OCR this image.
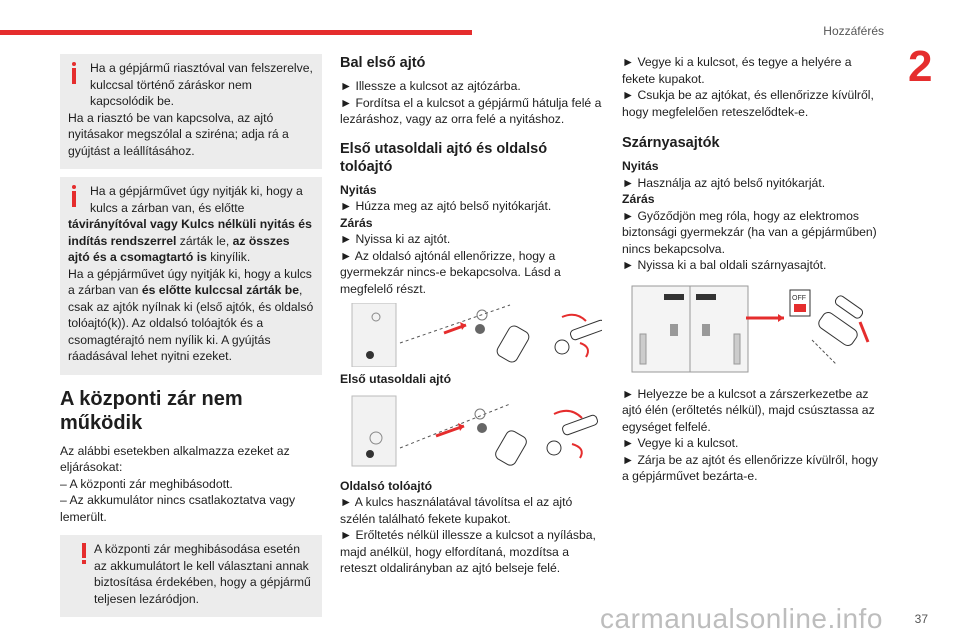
Hozzáférés
2

Ha a gépjármű riasztóval van felszerelve, kulccsal történő záráskor nem kapcsolódik be.

Ha a riasztó be van kapcsolva, az ajtó nyitásakor megszólal a sziréna; adja rá a gyújtást a leállításához.

Ha a gépjárművet úgy nyitják ki, hogy a kulcs a zárban van, és előtte
távirányítóval vagy Kulcs nélküli nyitás és indítás rendszerrel zárták le, az összes ajtó és a csomagtartó is kinyílik.

Ha a gépjárművet úgy nyitják ki, hogy a kulcs a zárban van és előtte kulccsal zárták be, csak az ajtók nyílnak ki (első ajtók, és oldalsó tolóajtó(k)). Az oldalsó tolóajtók és a csomagtérajtó nem nyílik ki. A gyújtás ráadásával lehet nyitni ezeket.

A központi zár nem működik

Az alábbi esetekben alkalmazza ezeket az eljárásokat:

– A központi zár meghibásodott.

– Az akkumulátor nincs csatlakoztatva vagy lemerült.

A központi zár meghibásodása esetén az akkumulátort le kell választani annak biztosítása érdekében, hogy a gépjármű teljesen lezáródjon.

Bal első ajtó

► Illessze a kulcsot az ajtózárba.

► Fordítsa el a kulcsot a gépjármű hátulja felé a lezáráshoz, vagy az orra felé a nyitáshoz.

Első utasoldali ajtó és oldalsó tolóajtó

Nyitás

► Húzza meg az ajtó belső nyitókarját.

Zárás

► Nyissa ki az ajtót.

► Az oldalsó ajtónál ellenőrizze, hogy a gyermekzár nincs-e bekapcsolva. Lásd a megfelelő részt.

Első utasoldali ajtó

Oldalsó tolóajtó

► A kulcs használatával távolítsa el az ajtó szélén található fekete kupakot.

► Erőltetés nélkül illessze a kulcsot a nyílásba, majd anélkül, hogy elfordítaná, mozdítsa a reteszt oldalirányban az ajtó belseje felé.

► Vegye ki a kulcsot, és tegye a helyére a fekete kupakot.

► Csukja be az ajtókat, és ellenőrizze kívülről, hogy megfelelően reteszelődtek-e.

Szárnyasajtók

Nyitás

► Használja az ajtó belső nyitókarját.

Zárás

► Győződjön meg róla, hogy az elektromos biztonsági gyermekzár (ha van a gépjárműben) nincs bekapcsolva.

► Nyissa ki a bal oldali szárnyasajtót.

OFF

► Helyezze be a kulcsot a zárszerkezetbe az ajtó élén (erőltetés nélkül), majd csúsztassa az egységet felfelé.

► Vegye ki a kulcsot.

► Zárja be az ajtót és ellenőrizze kívülről, hogy a gépjárművet bezárta-e.

carmanualsonline.info	37
